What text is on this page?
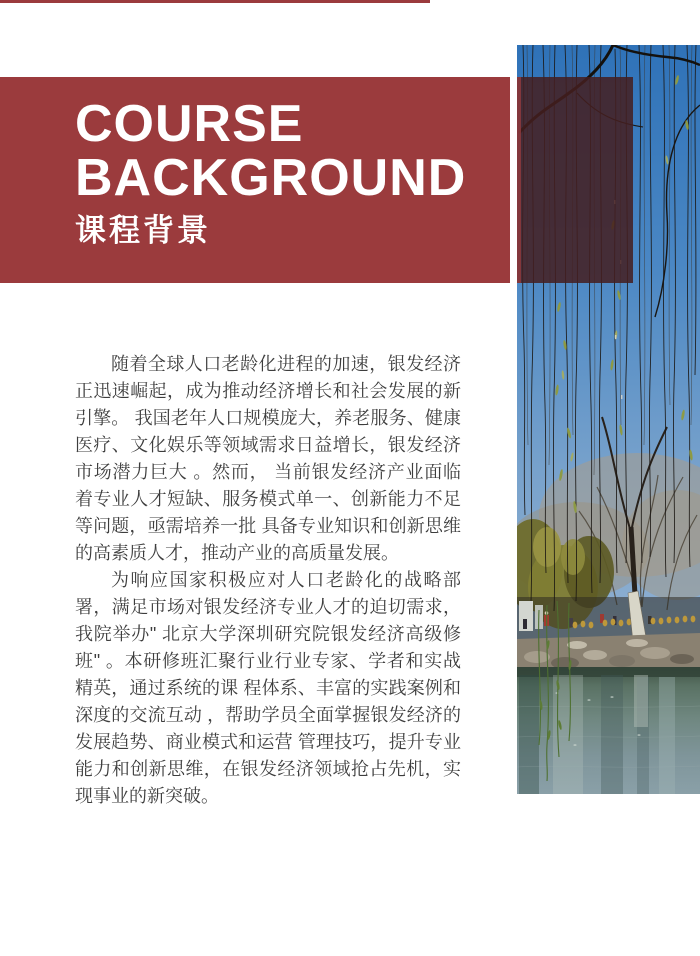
COURSE
BACKGROUND
课程背景

随着全球人口老龄化进程的加速，银发经济正迅速崛起，成为推动经济增长和社会发展的新引擎。 我国老年人口规模庞大，养老服务、健康医疗、文化娱乐等领域需求日益增长，银发经济市场潜力巨大 。然而， 当前银发经济产业面临着专业人才短缺、服务模式单一、创新能力不足等问题，亟需培养一批 具备专业知识和创新思维的高素质人才，推动产业的高质量发展。

为响应国家积极应对人口老龄化的战略部署，满足市场对银发经济专业人才的迫切需求，我院举办" 北京大学深圳研究院银发经济高级修班" 。本研修班汇聚行业行业专家、学者和实战精英，通过系统的课 程体系、丰富的实践案例和深度的交流互动 ，帮助学员全面掌握银发经济的发展趋势、商业模式和运营 管理技巧，提升专业能力和创新思维，在银发经济领域抢占先机，实现事业的新突破。
